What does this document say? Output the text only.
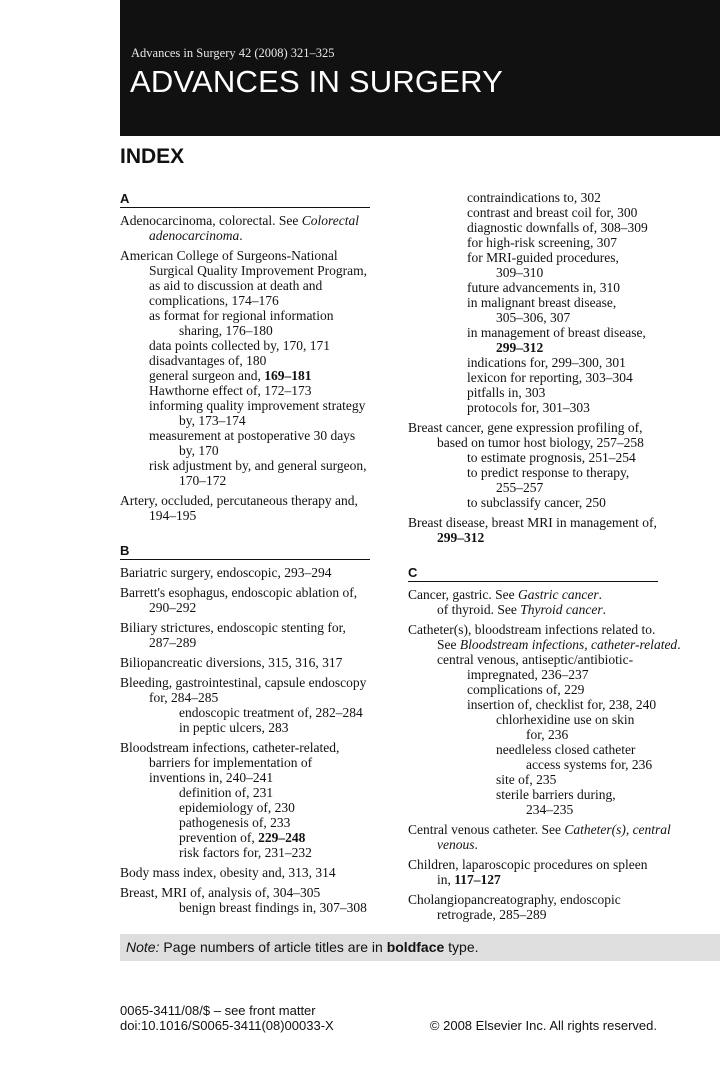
Advances in Surgery 42 (2008) 321–325
ADVANCES IN SURGERY
INDEX
A
Adenocarcinoma, colorectal. See Colorectal
adenocarcinoma.
American College of Surgeons-National
Surgical Quality Improvement Program,
as aid to discussion at death and
complications, 174–176
as format for regional information
sharing, 176–180
data points collected by, 170, 171
disadvantages of, 180
general surgeon and, 169–181
Hawthorne effect of, 172–173
informing quality improvement strategy
by, 173–174
measurement at postoperative 30 days
by, 170
risk adjustment by, and general surgeon,
170–172
Artery, occluded, percutaneous therapy and,
194–195
B
Bariatric surgery, endoscopic, 293–294
Barrett's esophagus, endoscopic ablation of,
290–292
Biliary strictures, endoscopic stenting for,
287–289
Biliopancreatic diversions, 315, 316, 317
Bleeding, gastrointestinal, capsule endoscopy
for, 284–285
endoscopic treatment of, 282–284
in peptic ulcers, 283
Bloodstream infections, catheter-related,
barriers for implementation of
inventions in, 240–241
definition of, 231
epidemiology of, 230
pathogenesis of, 233
prevention of, 229–248
risk factors for, 231–232
Body mass index, obesity and, 313, 314
Breast, MRI of, analysis of, 304–305
benign breast findings in, 307–308
contraindications to, 302
contrast and breast coil for, 300
diagnostic downfalls of, 308–309
for high-risk screening, 307
for MRI-guided procedures,
309–310
future advancements in, 310
in malignant breast disease,
305–306, 307
in management of breast disease,
299–312
indications for, 299–300, 301
lexicon for reporting, 303–304
pitfalls in, 303
protocols for, 301–303
Breast cancer, gene expression profiling of,
based on tumor host biology, 257–258
to estimate prognosis, 251–254
to predict response to therapy,
255–257
to subclassify cancer, 250
Breast disease, breast MRI in management of,
299–312
C
Cancer, gastric. See Gastric cancer.
of thyroid. See Thyroid cancer.
Catheter(s), bloodstream infections related to.
See Bloodstream infections, catheter-related.
central venous, antiseptic/antibiotic-
impregnated, 236–237
complications of, 229
insertion of, checklist for, 238, 240
chlorhexidine use on skin
for, 236
needleless closed catheter
access systems for, 236
site of, 235
sterile barriers during,
234–235
Central venous catheter. See Catheter(s), central
venous.
Children, laparoscopic procedures on spleen
in, 117–127
Cholangiopancreatography, endoscopic
retrograde, 285–289
Note: Page numbers of article titles are in boldface type.
0065-3411/08/$ – see front matter
doi:10.1016/S0065-3411(08)00033-X	© 2008 Elsevier Inc. All rights reserved.
